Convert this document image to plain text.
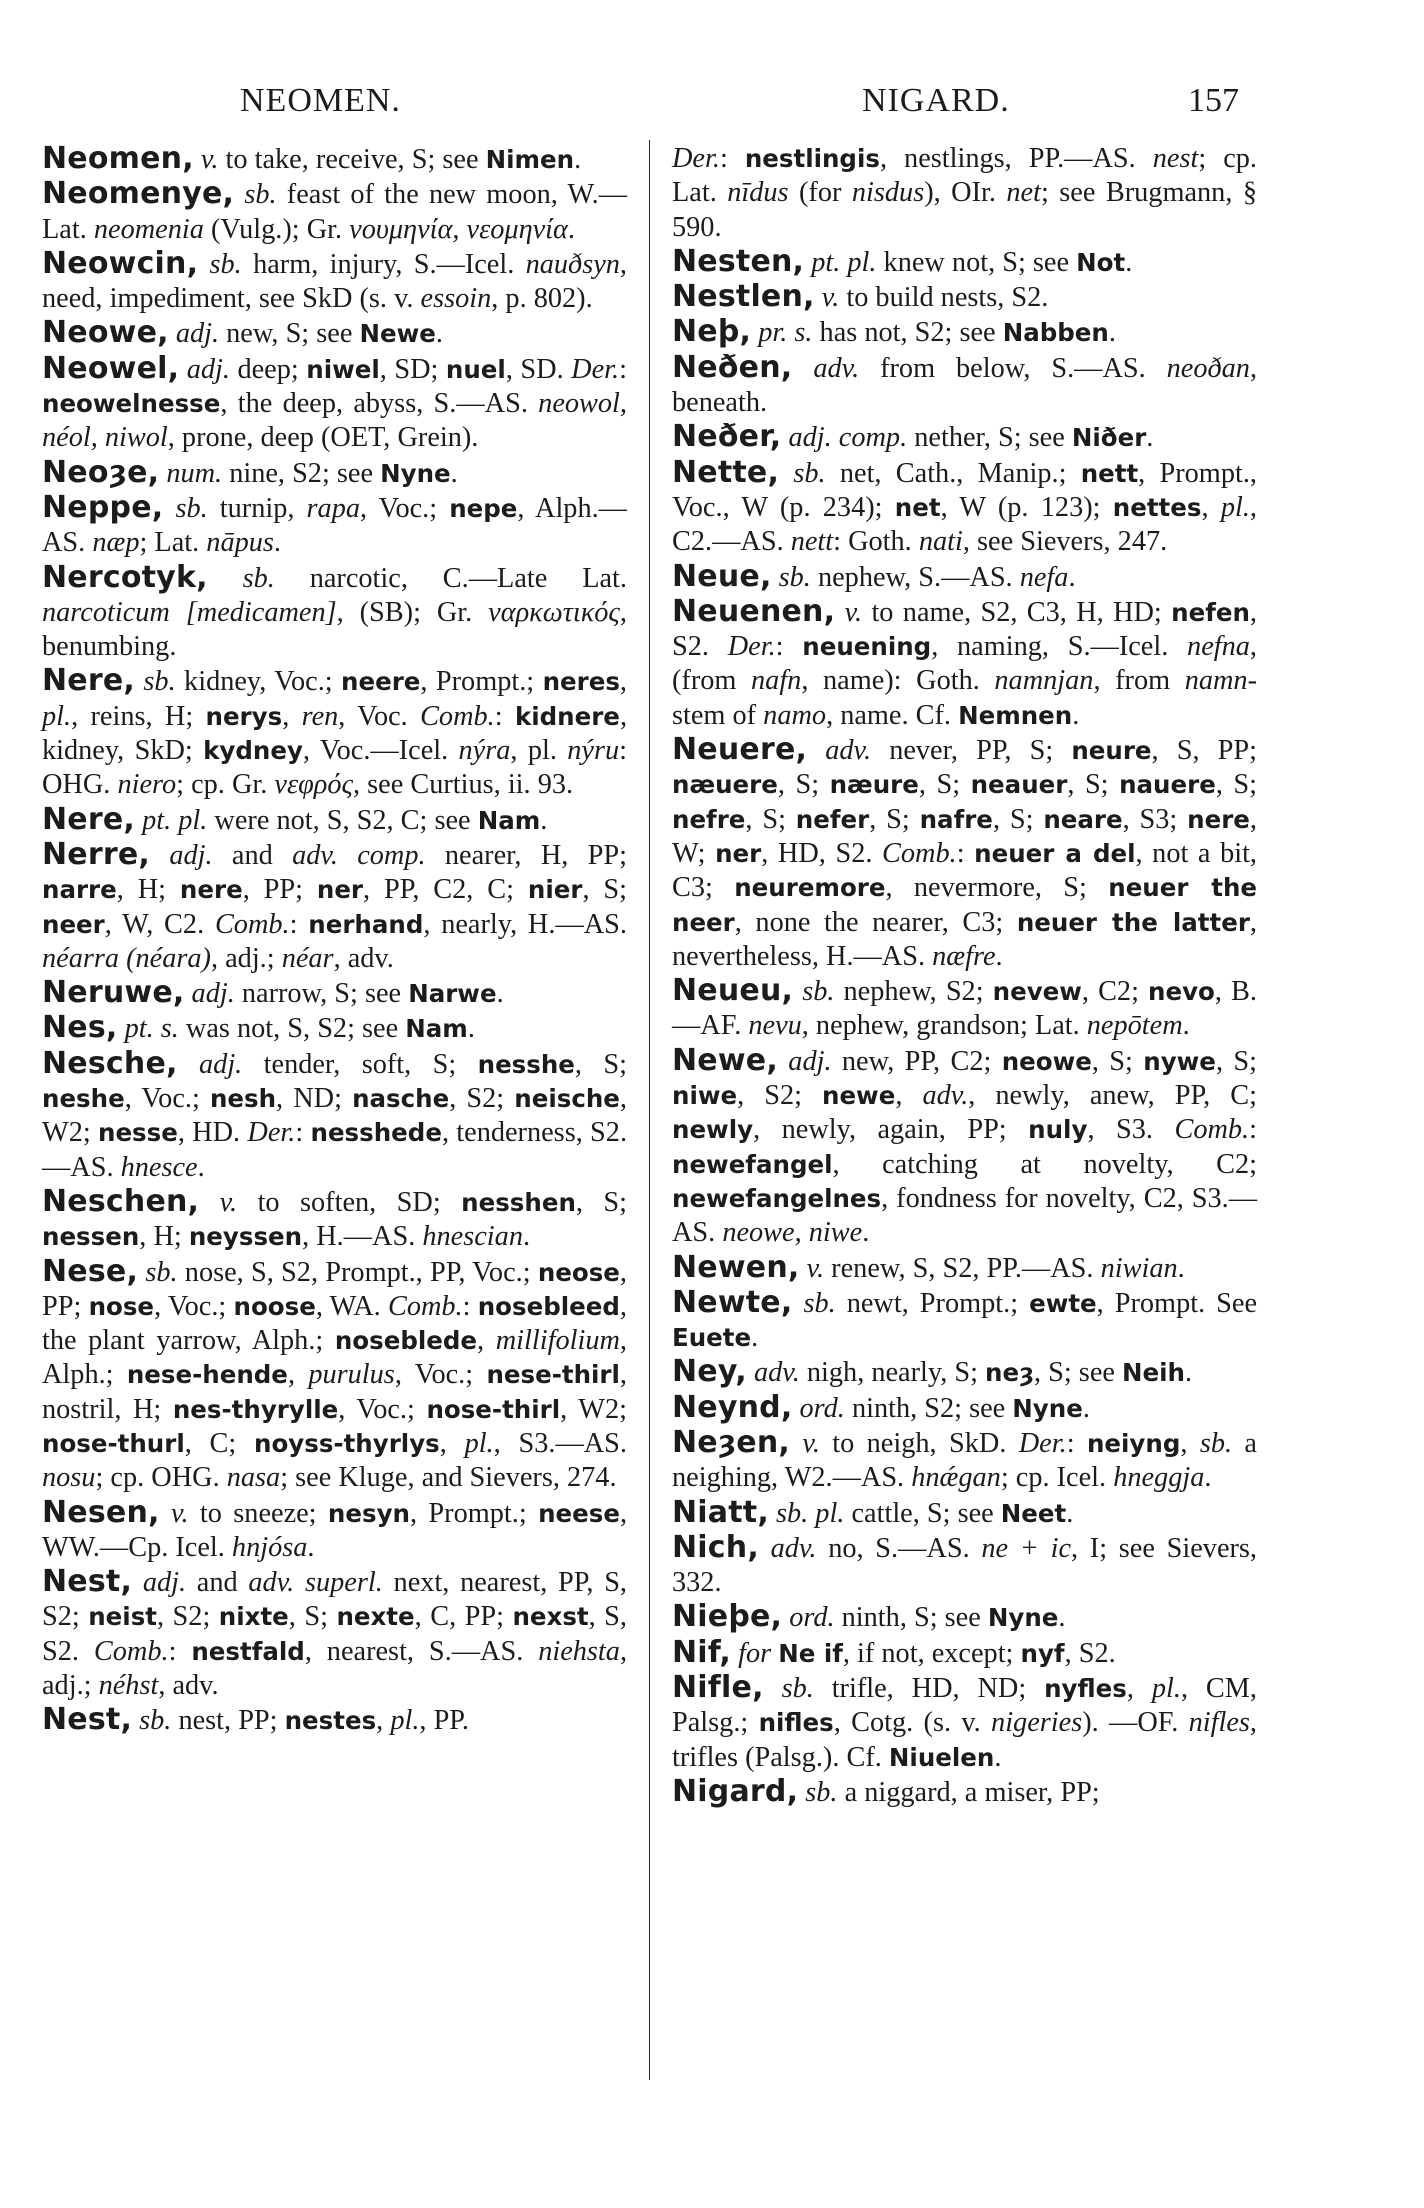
NEOMEN.	NIGARD.	157

Neomen, v. to take, receive, S; see Nimen.

Neomenye, sb. feast of the new moon, W.—Lat. neomenia (Vulg.); Gr. νουμηνία, νεομηνία.

Neowcin, sb. harm, injury, S.—Icel. nauðsyn, need, impediment, see SkD (s. v. essoin, p. 802).

Neowe, adj. new, S; see Newe.

Neowel, adj. deep; niwel, SD; nuel, SD. Der.: neowelnesse, the deep, abyss, S.—AS. neowol, néol, niwol, prone, deep (OET, Grein).

Neoȝe, num. nine, S2; see Nyne.

Neppe, sb. turnip, rapa, Voc.; nepe, Alph.—AS. næp; Lat. nāpus.

Nercotyk, sb. narcotic, C.—Late Lat. narcoticum [medicamen], (SB); Gr. ναρκωτικός, benumbing.

Nere, sb. kidney, Voc.; neere, Prompt.; neres, pl., reins, H; nerys, ren, Voc. Comb.: kidnere, kidney, SkD; kydney, Voc.—Icel. nýra, pl. nýru: OHG. niero; cp. Gr. νεφρός, see Curtius, ii. 93.

Nere, pt. pl. were not, S, S2, C; see Nam.

Nerre, adj. and adv. comp. nearer, H, PP; narre, H; nere, PP; ner, PP, C2, C; nier, S; neer, W, C2. Comb.: nerhand, nearly, H.—AS. néarra (néara), adj.; néar, adv.

Neruwe, adj. narrow, S; see Narwe.

Nes, pt. s. was not, S, S2; see Nam.

Nesche, adj. tender, soft, S; nesshe, S; neshe, Voc.; nesh, ND; nasche, S2; neische, W2; nesse, HD. Der.: nesshede, tenderness, S2.—AS. hnesce.

Neschen, v. to soften, SD; nesshen, S; nessen, H; neyssen, H.—AS. hnescian.

Nese, sb. nose, S, S2, Prompt., PP, Voc.; neose, PP; nose, Voc.; noose, WA. Comb.: noseblеed, the plant yarrow, Alph.; noseblede, millifolium, Alph.; nese-hende, purulus, Voc.; nese-thirl, nostril, H; nes-thyrylle, Voc.; nose-thirl, W2; nose-thurl, C; noyss-thyrlys, pl., S3.—AS. nosu; cp. OHG. nasa; see Kluge, and Sievers, 274.

Nesen, v. to sneeze; nesyn, Prompt.; neese, WW.—Cp. Icel. hnjósa.

Nest, adj. and adv. superl. next, nearest, PP, S, S2; neist, S2; nixte, S; nexte, C, PP; nexst, S, S2. Comb.: nestfald, nearest, S.—AS. niehsta, adj.; néhst, adv.

Nest, sb. nest, PP; nestes, pl., PP.

Der.: nestlingis, nestlings, PP.—AS. nest; cp. Lat. nīdus (for nisdus), OIr. net; see Brugmann, § 590.

Nesten, pt. pl. knew not, S; see Not.

Nestlen, v. to build nests, S2.

Neþ, pr. s. has not, S2; see Nabben.

Neðen, adv. from below, S.—AS. neoðan, beneath.

Neðer, adj. comp. nether, S; see Niðer.

Nette, sb. net, Cath., Manip.; nett, Prompt., Voc., W (p. 234); net, W (p. 123); nettes, pl., C2.—AS. nett: Goth. nati, see Sievers, 247.

Neue, sb. nephew, S.—AS. nefa.

Neuenen, v. to name, S2, C3, H, HD; nefen, S2. Der.: neuening, naming, S.—Icel. nefna, (from nafn, name): Goth. namnjan, from namn- stem of namo, name. Cf. Nemnen.

Neuere, adv. never, PP, S; neure, S, PP; næuere, S; næure, S; neauer, S; nauere, S; nefre, S; nefer, S; nafre, S; neare, S3; nere, W; ner, HD, S2. Comb.: neuer a del, not a bit, C3; neuremore, nevermore, S; neuer the neer, none the nearer, C3; neuer the latter, nevertheless, H.—AS. næfre.

Neueu, sb. nephew, S2; nevew, C2; nevo, B.—AF. nevu, nephew, grandson; Lat. nepōtem.

Newe, adj. new, PP, C2; neowe, S; nywe, S; niwe, S2; newe, adv., newly, anew, PP, C; newly, newly, again, PP; nuly, S3. Comb.: newefangel, catching at novelty, C2; newefangelnes, fondness for novelty, C2, S3.—AS. neowe, niwe.

Newen, v. renew, S, S2, PP.—AS. niwian.

Newte, sb. newt, Prompt.; ewte, Prompt. See Euete.

Ney, adv. nigh, nearly, S; neȝ, S; see Neih.

Neynd, ord. ninth, S2; see Nyne.

Neȝen, v. to neigh, SkD. Der.: neiyng, sb. a neighing, W2.—AS. hnǽgan; cp. Icel. hneggja.

Niatt, sb. pl. cattle, S; see Neet.

Nich, adv. no, S.—AS. ne + ic, I; see Sievers, 332.

Nieþe, ord. ninth, S; see Nyne.

Nif, for Ne if, if not, except; nyf, S2.

Nifle, sb. trifle, HD, ND; nyfles, pl., CM, Palsg.; nifles, Cotg. (s. v. nigeries). —OF. nifles, trifles (Palsg.). Cf. Niuelen.

Nigard, sb. a niggard, a miser, PP;
